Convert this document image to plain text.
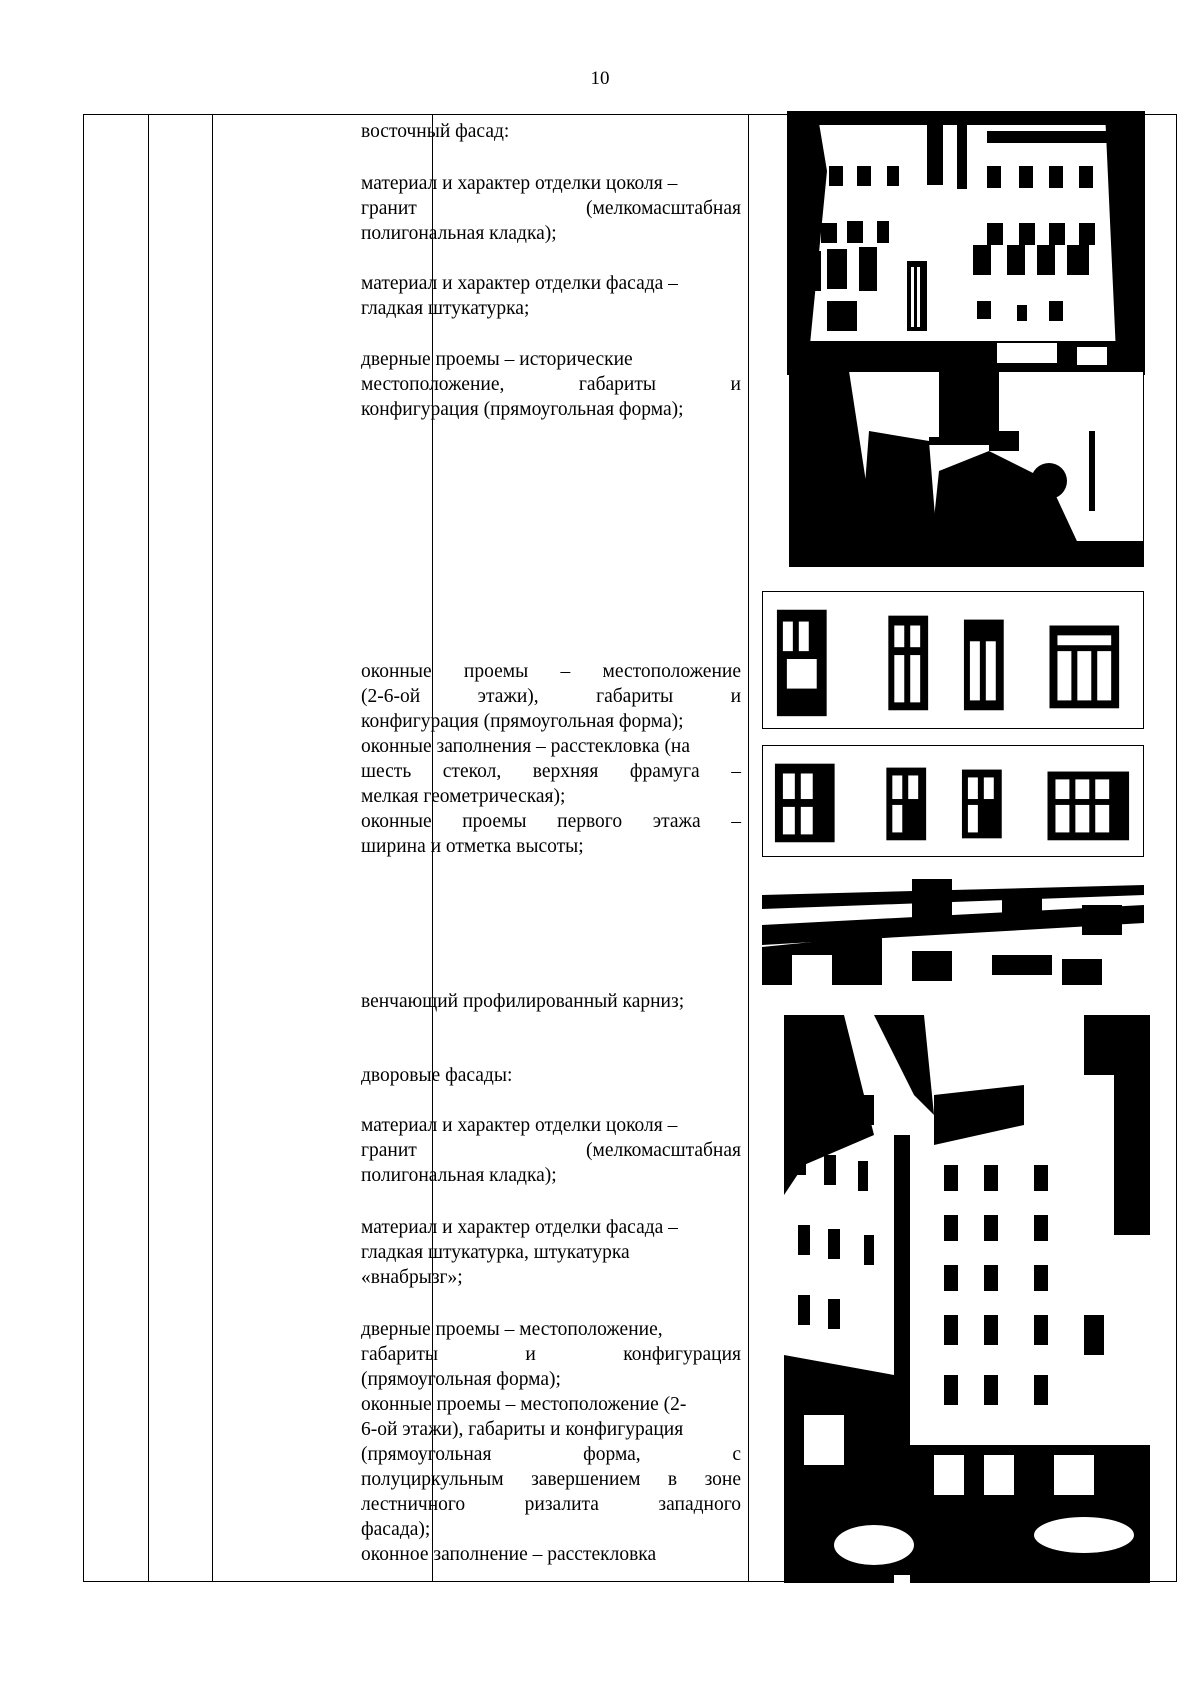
10
восточный фасад:
материал и характер отделки цоколя –
гранит (мелкомасштабная
полигональная кладка);
материал и характер отделки фасада –
гладкая штукатурка;
дверные проемы – исторические
местоположение, габариты и
конфигурация (прямоугольная форма);
оконные проемы – местоположение
(2-6-ой этажи), габариты и
конфигурация (прямоугольная форма);
оконные заполнения – расстекловка (на
шесть стекол, верхняя фрамуга –
мелкая геометрическая);
оконные проемы первого этажа –
ширина и отметка высоты;
венчающий профилированный карниз;
дворовые фасады:
материал и характер отделки цоколя –
гранит (мелкомасштабная
полигональная кладка);
материал и характер отделки фасада –
гладкая штукатурка, штукатурка
«внабрызг»;
дверные проемы – местоположение,
габариты и конфигурация
(прямоугольная форма);
оконные проемы – местоположение (2-
6-ой этажи), габариты и конфигурация
(прямоугольная форма, с
полуциркульным завершением в зоне
лестничного ризалита западного
фасада);
оконное заполнение – расстекловка
